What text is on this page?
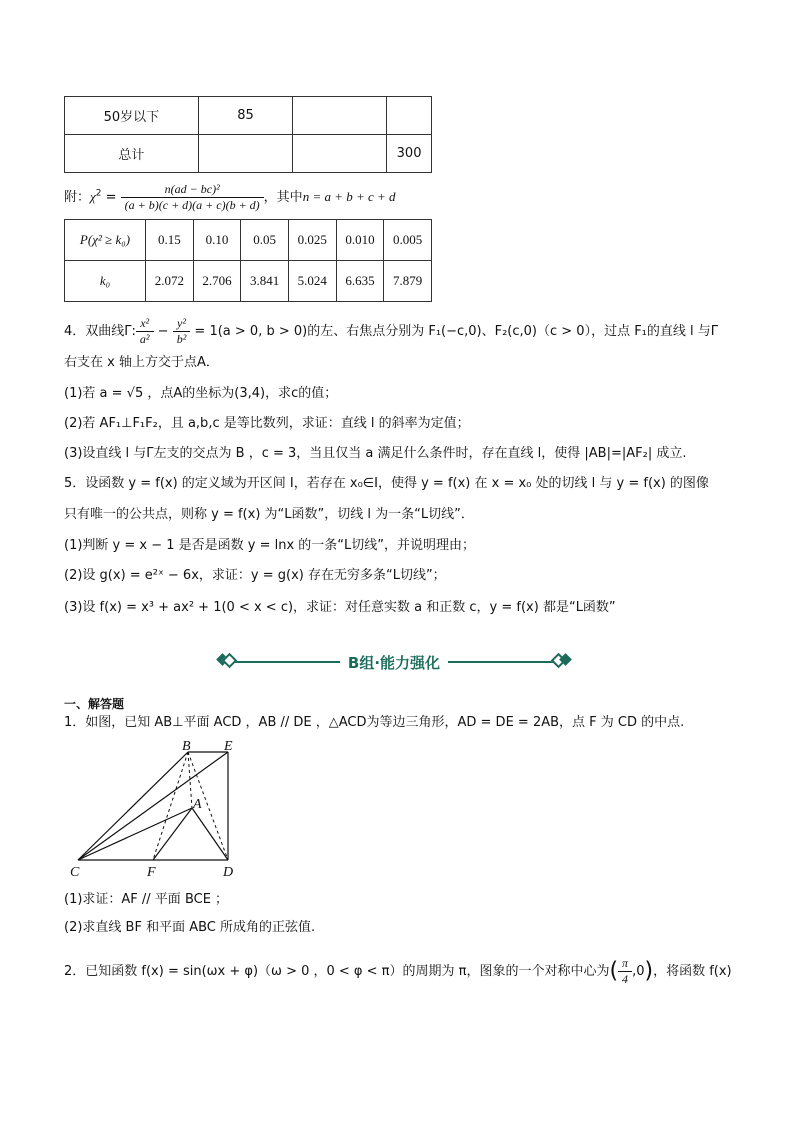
50岁以下	85		
总计			300
附：$\chi^2 = \frac{\text{n(ad − bc)²}}{(a + b)(c + d)(a + c)(b + d)}$ ，其中n = a + b + c + d
P(χ² ≥ k₀)	0.15	0.10	0.05	0.025	0.010	0.005
k₀	2.072	2.706	3.841	5.024	6.635	7.879
4．双曲线Γ: $\frac{\text{x²}}{\text{a²}} - \frac{\text{y²}}{\text{b²}} = 1(a > 0$, b > 0)的左、右焦点分别为 F₁(−c,0)、F₂(c,0)（c > 0），过点 F₁的直线 l 与Γ
右支在 x 轴上方交于点A．
(1)若 a = √5 ，点A的坐标为(3,4)，求c的值；
(2)若 AF₁⊥F₁F₂，且 a,b,c 是等比数列，求证：直线 l 的斜率为定值；
(3)设直线 l 与Γ左支的交点为 B ，c = 3，当且仅当 a 满足什么条件时，存在直线 l，使得 |AB|=|AF₂| 成立.
5．设函数 y = f(x) 的定义域为开区间 I，若存在 x₀∈I，使得 y = f(x) 在 x = x₀ 处的切线 l 与 y = f(x) 的图像
只有唯一的公共点，则称 y = f(x) 为“L函数”，切线 l 为一条“L切线”．
(1)判断 y = x − 1 是否是函数 y = lnx 的一条“L切线”，并说明理由；
(2)设 g(x) = e²ˣ − 6x，求证：y = g(x) 存在无穷多条“L切线”；
(3)设 f(x) = x³ + ax² + 1(0 < x < c)，求证：对任意实数 a 和正数 c，y = f(x) 都是“L函数”
B组·能力强化
一、解答题
1．如图，已知 AB⊥平面 ACD ，AB // DE ，△ACD为等边三角形，AD = DE = 2AB，点 F 为 CD 的中点.
B E
A
C	F	D
(1)求证：AF // 平面 BCE ；
(2)求直线 BF 和平面 ABC 所成角的正弦值.
2．已知函数 f(x) = sin(ωx + φ)（ω > 0 ，0 < φ < π）的周期为 π，图象的一个对称中心为( $\frac{\pi}{4} ,0$)，将函数 f(x)
